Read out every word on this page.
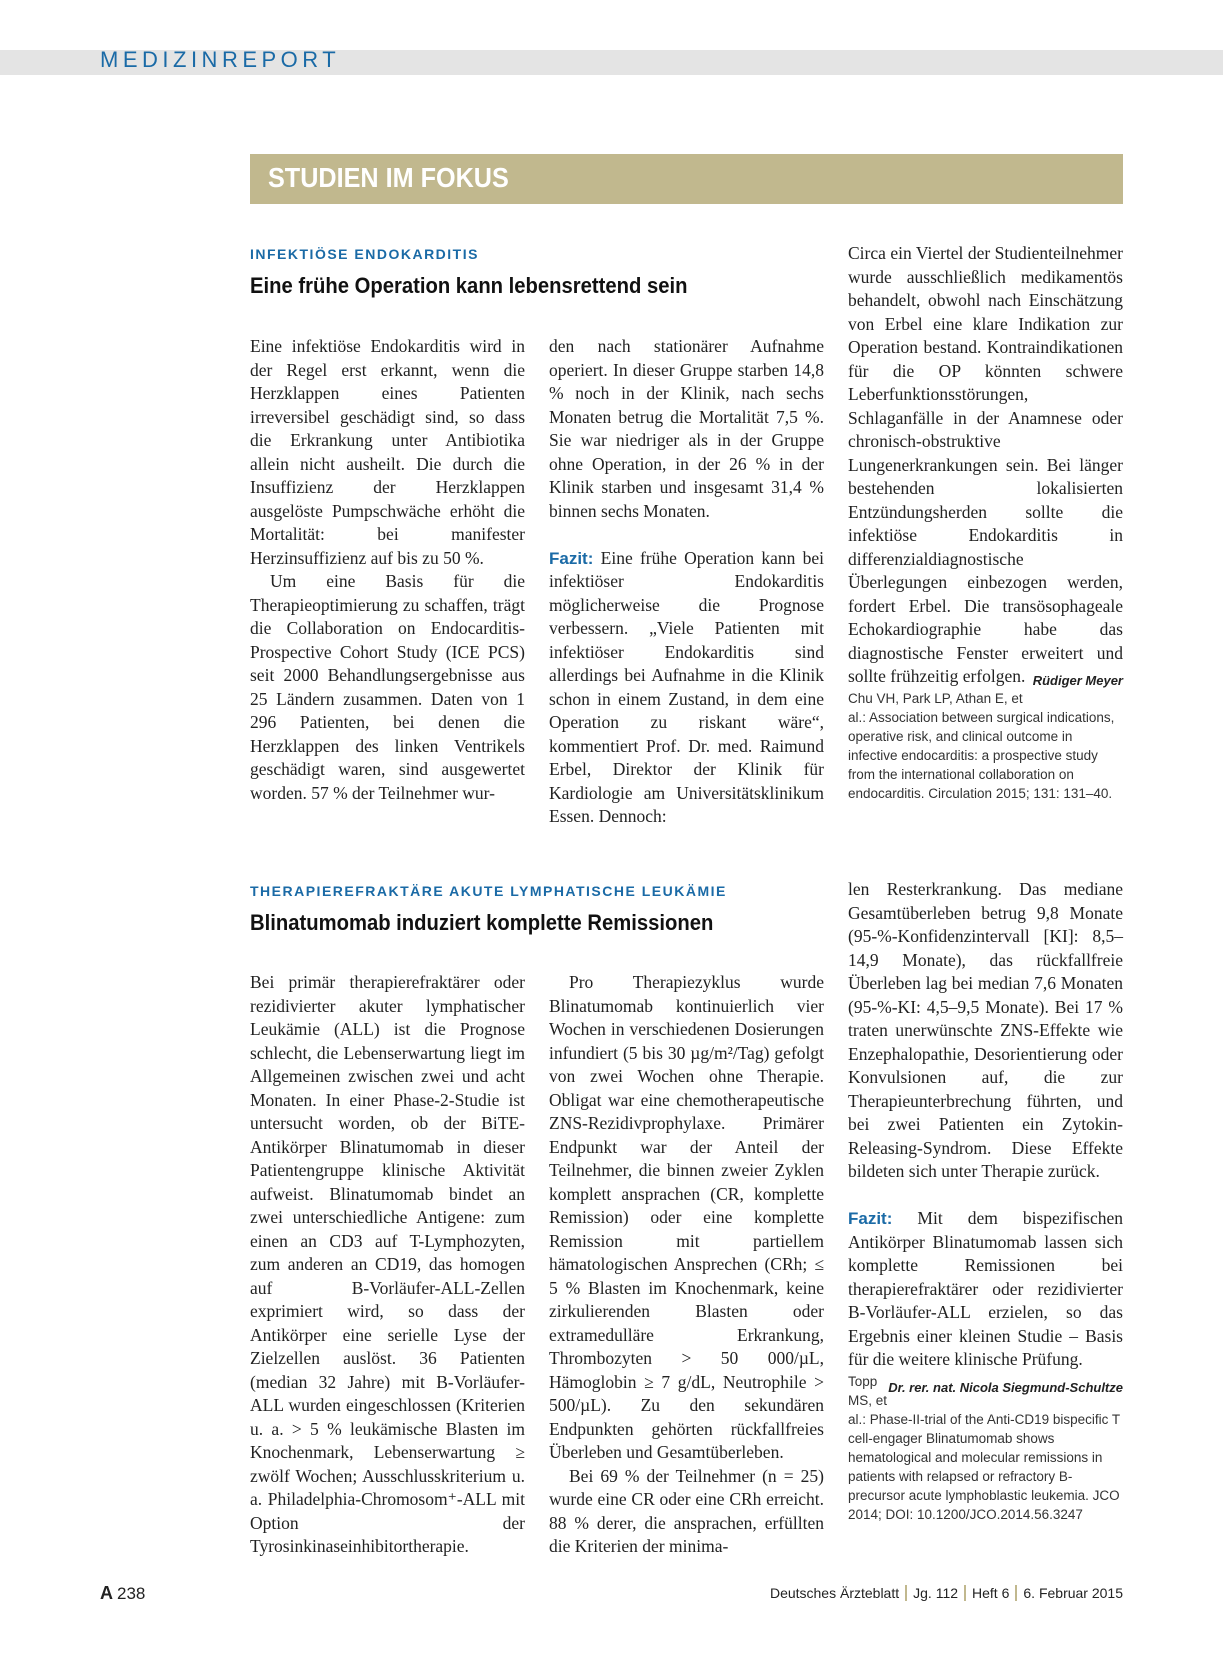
MEDIZINREPORT
STUDIEN IM FOKUS
INFEKTIÖSE ENDOKARDITIS
Eine frühe Operation kann lebensrettend sein

Eine infektiöse Endokarditis wird in der Regel erst erkannt, wenn die Herzklappen eines Patienten irreversibel geschädigt sind, so dass die Erkrankung unter Antibiotika allein nicht ausheilt. Die durch die Insuffizienz der Herzklappen ausgelöste Pumpschwäche erhöht die Mortalität: bei manifester Herzinsuffizienz auf bis zu 50 %.

Um eine Basis für die Therapieoptimierung zu schaffen, trägt die Collaboration on Endocarditis-Prospective Cohort Study (ICE PCS) seit 2000 Behandlungsergebnisse aus 25 Ländern zusammen. Daten von 1 296 Patienten, bei denen die Herzklappen des linken Ventrikels geschädigt waren, sind ausgewertet worden. 57 % der Teilnehmer wur-

den nach stationärer Aufnahme operiert. In dieser Gruppe starben 14,8 % noch in der Klinik, nach sechs Monaten betrug die Mortalität 7,5 %. Sie war niedriger als in der Gruppe ohne Operation, in der 26 % in der Klinik starben und insgesamt 31,4 % binnen sechs Monaten.

Fazit: Eine frühe Operation kann bei infektiöser Endokarditis möglicherweise die Prognose verbessern. „Viele Patienten mit infektiöser Endokarditis sind allerdings bei Aufnahme in die Klinik schon in einem Zustand, in dem eine Operation zu riskant wäre“, kommentiert Prof. Dr. med. Raimund Erbel, Direktor der Klinik für Kardiologie am Universitätsklinikum Essen. Dennoch:

Circa ein Viertel der Studienteilnehmer wurde ausschließlich medikamentös behandelt, obwohl nach Einschätzung von Erbel eine klare Indikation zur Operation bestand. Kontraindikationen für die OP könnten schwere Leberfunktionsstörungen, Schlaganfälle in der Anamnese oder chronisch-obstruktive Lungenerkrankungen sein. Bei länger bestehenden lokalisierten Entzündungsherden sollte die infektiöse Endokarditis in differenzialdiagnostische Überlegungen einbezogen werden, fordert Erbel. Die transösophageale Echokardiographie habe das diagnostische Fenster erweitert und sollte frühzeitig erfolgen. Rüdiger Meyer

Chu VH, Park LP, Athan E, et al.: Association between surgical indications, operative risk, and clinical outcome in infective endocarditis: a prospective study from the international collaboration on endocarditis. Circulation 2015; 131: 131–40.

THERAPIEREFRAKTÄRE AKUTE LYMPHATISCHE LEUKÄMIE
Blinatumomab induziert komplette Remissionen

Bei primär therapierefraktärer oder rezidivierter akuter lymphatischer Leukämie (ALL) ist die Prognose schlecht, die Lebenserwartung liegt im Allgemeinen zwischen zwei und acht Monaten. In einer Phase-2-Studie ist untersucht worden, ob der BiTE-Antikörper Blinatumomab in dieser Patientengruppe klinische Aktivität aufweist. Blinatumomab bindet an zwei unterschiedliche Antigene: zum einen an CD3 auf T-Lymphozyten, zum anderen an CD19, das homogen auf B-Vorläufer-ALL-Zellen exprimiert wird, so dass der Antikörper eine serielle Lyse der Zielzellen auslöst. 36 Patienten (median 32 Jahre) mit B-Vorläufer-ALL wurden eingeschlossen (Kriterien u. a. > 5 % leukämische Blasten im Knochenmark, Lebenserwartung ≥ zwölf Wochen; Ausschlusskriterium u. a. Philadelphia-Chromosom⁺-ALL mit Option der Tyrosinkinaseinhibitortherapie.

Pro Therapiezyklus wurde Blinatumomab kontinuierlich vier Wochen in verschiedenen Dosierungen infundiert (5 bis 30 µg/m²/Tag) gefolgt von zwei Wochen ohne Therapie. Obligat war eine chemotherapeutische ZNS-Rezidivprophylaxe. Primärer Endpunkt war der Anteil der Teilnehmer, die binnen zweier Zyklen komplett ansprachen (CR, komplette Remission) oder eine komplette Remission mit partiellem hämatologischen Ansprechen (CRh; ≤ 5 % Blasten im Knochenmark, keine zirkulierenden Blasten oder extramedulläre Erkrankung, Thrombozyten > 50 000/µL, Hämoglobin ≥ 7 g/dL, Neutrophile > 500/µL). Zu den sekundären Endpunkten gehörten rückfallfreies Überleben und Gesamtüberleben.

Bei 69 % der Teilnehmer (n = 25) wurde eine CR oder eine CRh erreicht. 88 % derer, die ansprachen, erfüllten die Kriterien der minima-

len Resterkrankung. Das mediane Gesamtüberleben betrug 9,8 Monate (95-%-Konfidenzintervall [KI]: 8,5–14,9 Monate), das rückfallfreie Überleben lag bei median 7,6 Monaten (95-%-KI: 4,5–9,5 Monate). Bei 17 % traten unerwünschte ZNS-Effekte wie Enzephalopathie, Desorientierung oder Konvulsionen auf, die zur Therapieunterbrechung führten, und bei zwei Patienten ein Zytokin-Releasing-Syndrom. Diese Effekte bildeten sich unter Therapie zurück.

Fazit: Mit dem bispezifischen Antikörper Blinatumomab lassen sich komplette Remissionen bei therapierefraktärer oder rezidivierter B-Vorläufer-ALL erzielen, so das Ergebnis einer kleinen Studie – Basis für die weitere klinische Prüfung.
Dr. rer. nat. Nicola Siegmund-Schultze

Topp MS, et al.: Phase-II-trial of the Anti-CD19 bispecific T cell-engager Blinatumomab shows hematological and molecular remissions in patients with relapsed or refractory B-precursor acute lymphoblastic leukemia. JCO 2014; DOI: 10.1200/JCO.2014.56.3247

A 238	Deutsches Ärzteblatt Jg. 112 Heft 6 6. Februar 2015
